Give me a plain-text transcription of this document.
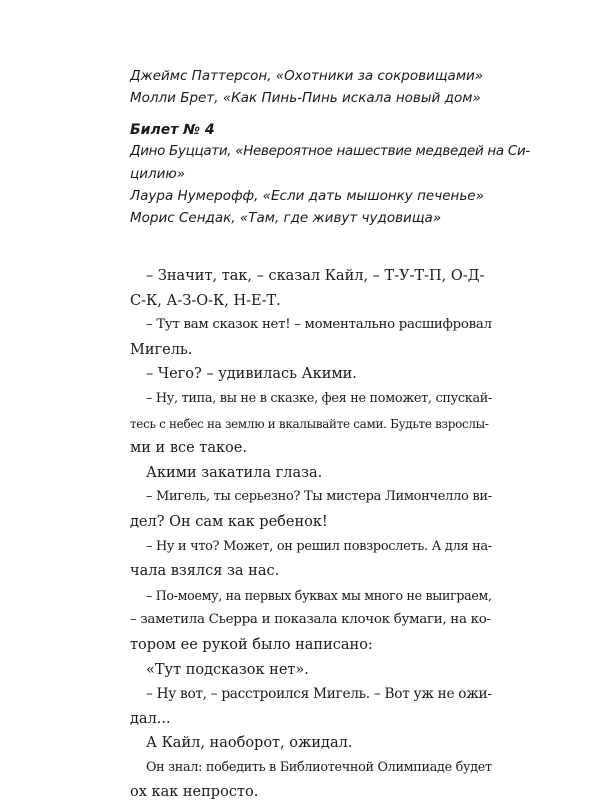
Джеймс Паттерсон, «Охотники за сокровищами»
Молли Брет, «Как Пинь-Пинь искала новый дом»
Билет № 4
Дино Буццати, «Невероятное нашествие медведей на Си-
цилию»
Лаура Нумерофф, «Если дать мышонку печенье»
Морис Сендак, «Там, где живут чудовища»
– Значит, так, – сказал Кайл, – Т-У-Т-П, О-Д-
С-К, А-З-О-К, Н-Е-Т.
– Тут вам сказок нет! – моментально расшифровал
Мигель.
– Чего? – удивилась Акими.
– Ну, типа, вы не в сказке, фея не поможет, спускай-
тесь с небес на землю и вкалывайте сами. Будьте взрослы-
ми и все такое.
Акими закатила глаза.
– Мигель, ты серьезно? Ты мистера Лимончелло ви-
дел? Он сам как ребенок!
– Ну и что? Может, он решил повзрослеть. А для на-
чала взялся за нас.
– По-моему, на первых буквах мы много не выиграем,
– заметила Сьерра и показала клочок бумаги, на ко-
тором ее рукой было написано:
«Тут подсказок нет».
– Ну вот, – расстроился Мигель. – Вот уж не ожи-
дал...
А Кайл, наоборот, ожидал.
Он знал: победить в Библиотечной Олимпиаде будет
ох как непросто.
